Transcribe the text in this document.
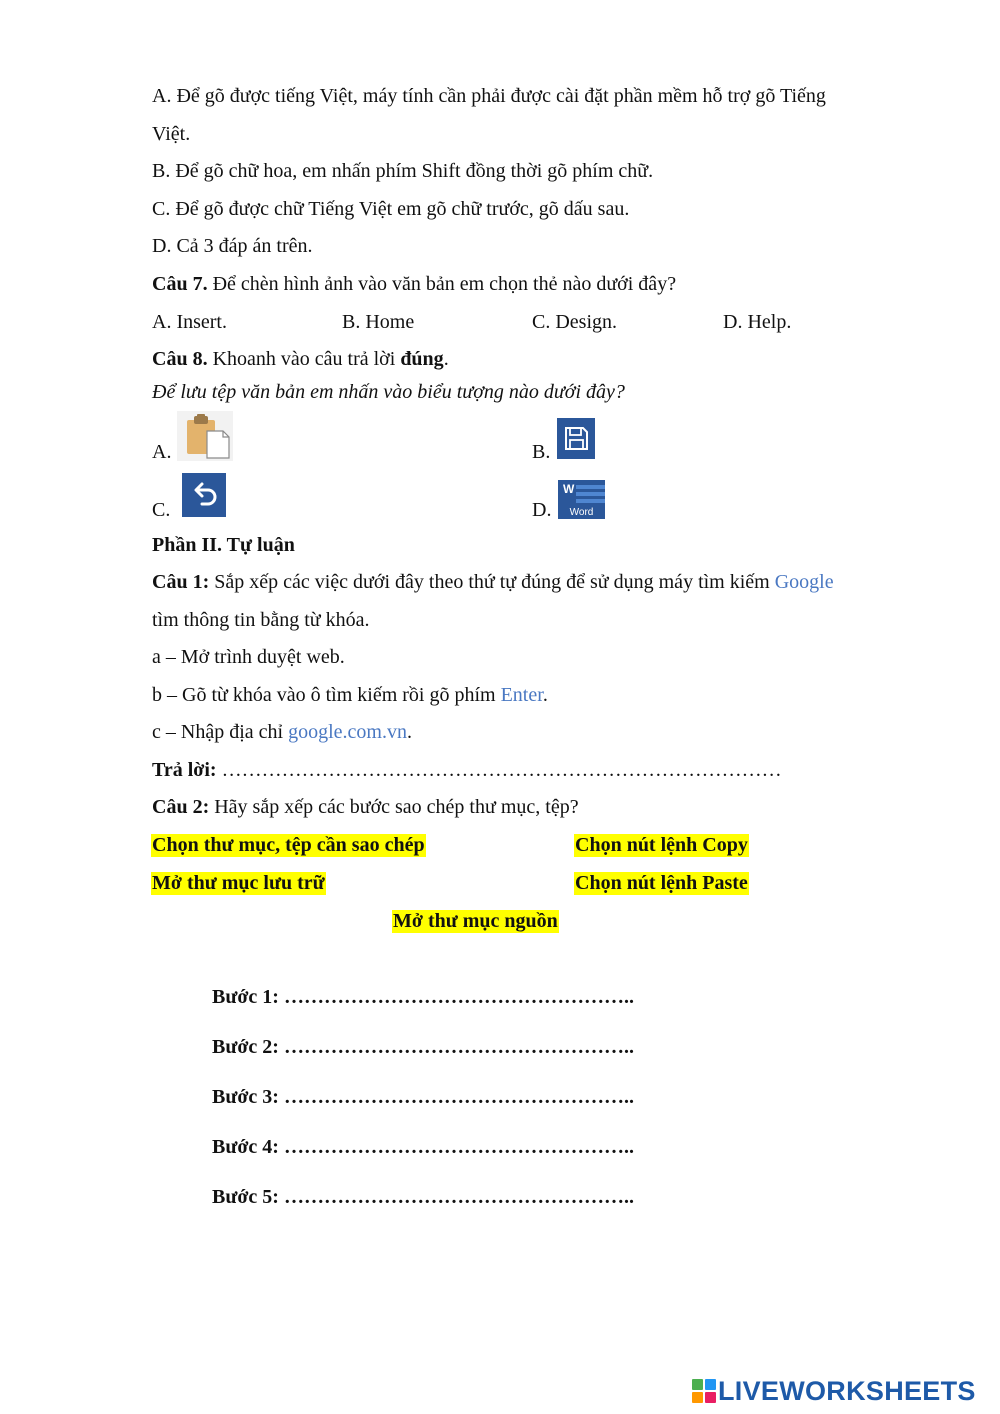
A. Để gõ được tiếng Việt, máy tính cần phải được cài đặt phần mềm hỗ trợ gõ Tiếng
Việt.
B. Để gõ chữ hoa, em nhấn phím Shift đồng thời gõ phím chữ.
C. Để gõ được chữ Tiếng Việt em gõ chữ trước, gõ dấu sau.
D. Cả 3 đáp án trên.
Câu 7. Để chèn hình ảnh vào văn bản em chọn thẻ nào dưới đây?
A. Insert.	B. Home	C. Design.	D. Help.
Câu 8. Khoanh vào câu trả lời đúng.
Để lưu tệp văn bản em nhấn vào biểu tượng nào dưới đây?
A.	B.
C.	D.
W
Word
Phần II. Tự luận
Câu 1: Sắp xếp các việc dưới đây theo thứ tự đúng để sử dụng máy tìm kiếm Google
tìm thông tin bằng từ khóa.
a – Mở trình duyệt web.
b – Gõ từ khóa vào ô tìm kiếm rồi gõ phím Enter.
c – Nhập địa chỉ google.com.vn.
Trả lời: …………………………………………………………………………
Câu 2: Hãy sắp xếp các bước sao chép thư mục, tệp?
Chọn thư mục, tệp cần sao chép	Chọn nút lệnh Copy
Mở thư mục lưu trữ	Chọn nút lệnh Paste
Mở thư mục nguồn
Bước 1: ……………………………………………..
Bước 2: ……………………………………………..
Bước 3: ……………………………………………..
Bước 4: ……………………………………………..
Bước 5: ……………………………………………..
LIVEWORKSHEETS
